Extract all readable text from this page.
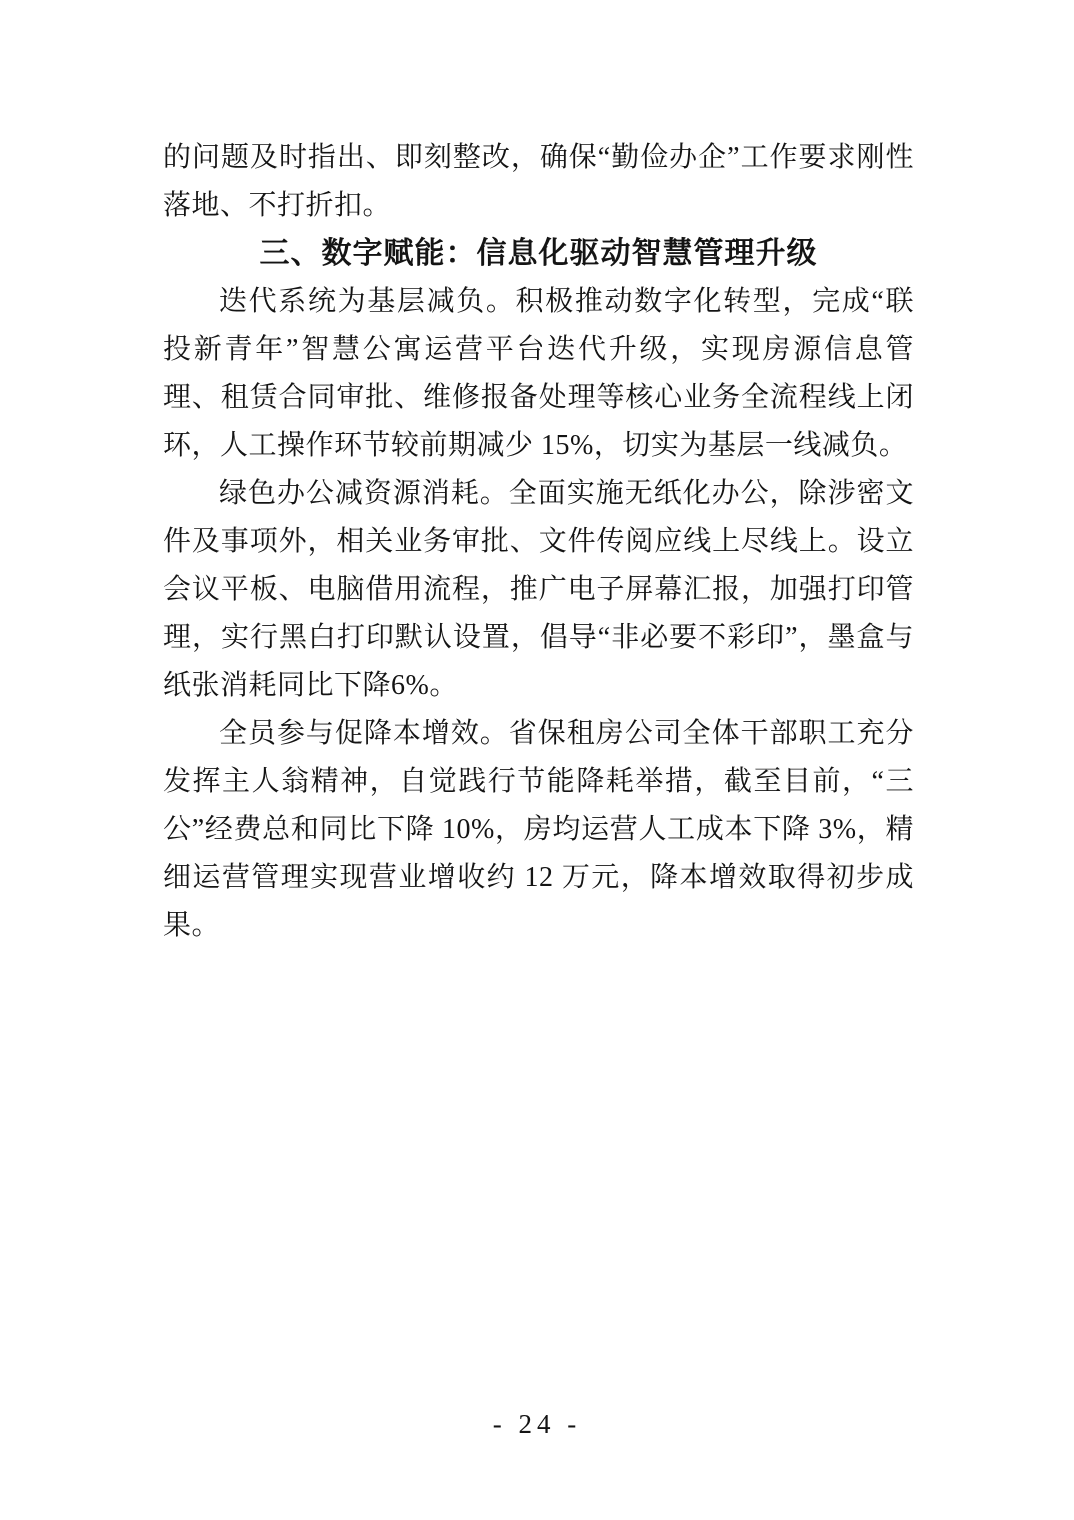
的问题及时指出、即刻整改，确保“勤俭办企”工作要求刚性落地、不打折扣。

三、数字赋能：信息化驱动智慧管理升级

迭代系统为基层减负。积极推动数字化转型，完成“联投新青年”智慧公寓运营平台迭代升级，实现房源信息管理、租赁合同审批、维修报备处理等核心业务全流程线上闭环，人工操作环节较前期减少 15%，切实为基层一线减负。

绿色办公减资源消耗。全面实施无纸化办公，除涉密文件及事项外，相关业务审批、文件传阅应线上尽线上。设立会议平板、电脑借用流程，推广电子屏幕汇报，加强打印管理，实行黑白打印默认设置，倡导“非必要不彩印”，墨盒与纸张消耗同比下降6%。

全员参与促降本增效。省保租房公司全体干部职工充分发挥主人翁精神，自觉践行节能降耗举措，截至目前，“三公”经费总和同比下降 10%，房均运营人工成本下降 3%，精细运营管理实现营业增收约 12 万元，降本增效取得初步成果。

- 24 -
